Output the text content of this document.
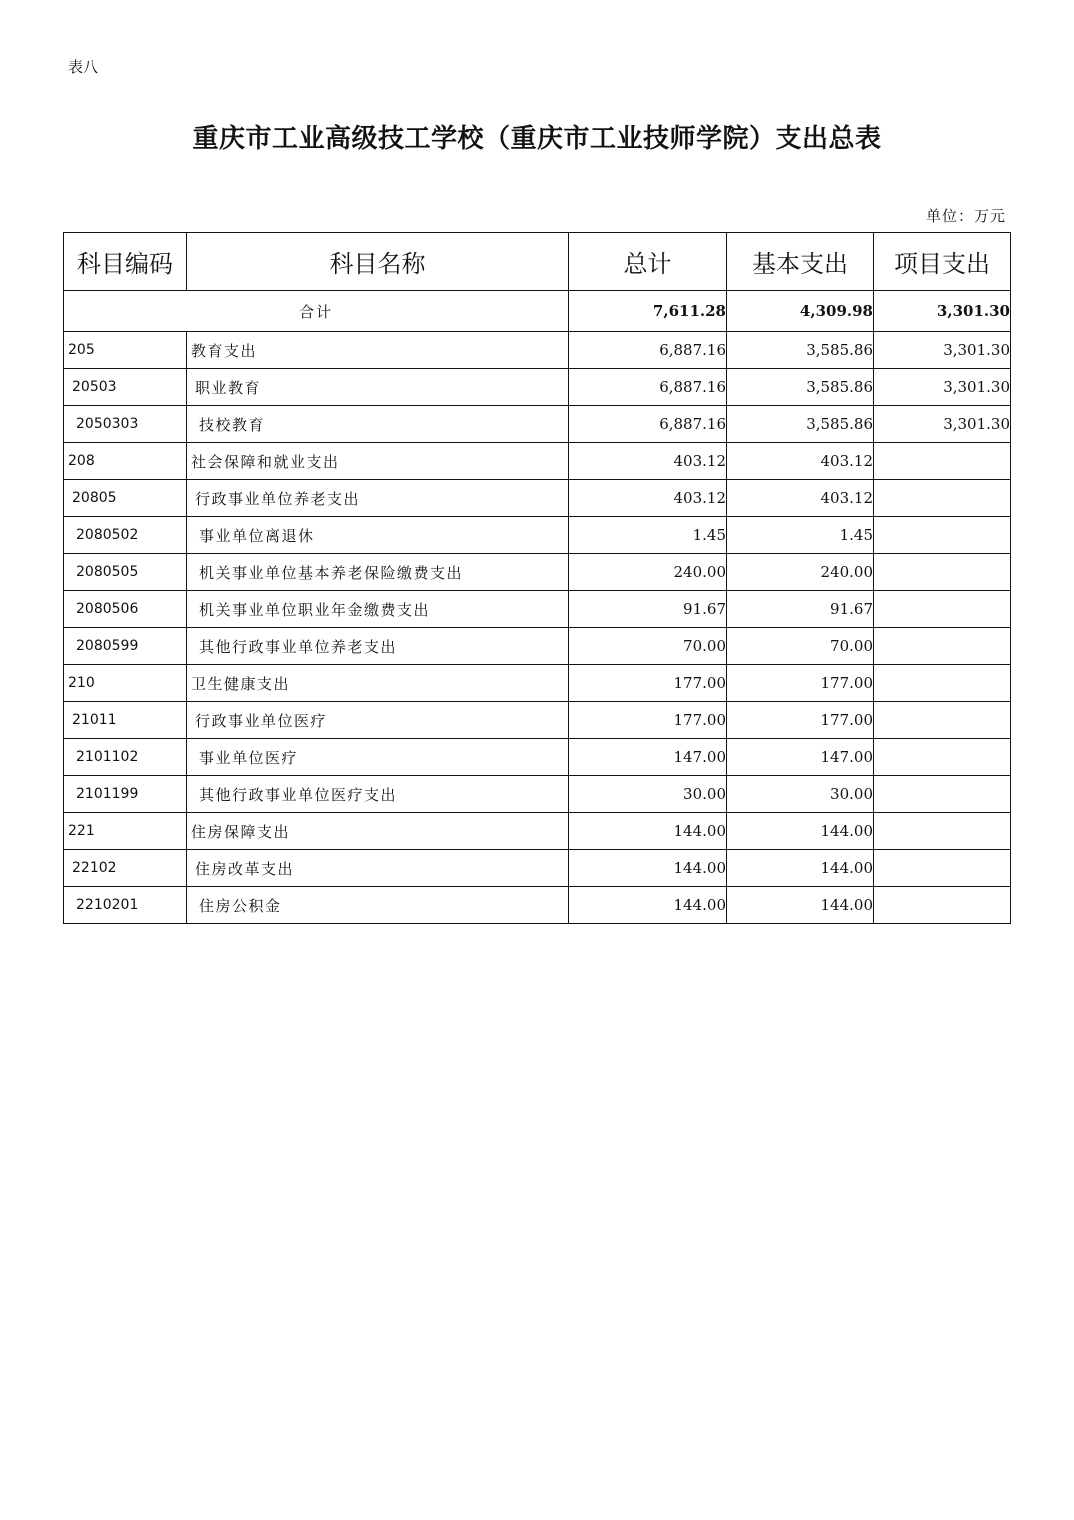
表八
重庆市工业高级技工学校（重庆市工业技师学院）支出总表
单位：万元
科目编码	科目名称	总计	基本支出	项目支出
合计		7,611.28	4,309.98	3,301.30
205	教育支出	6,887.16	3,585.86	3,301.30
20503	职业教育	6,887.16	3,585.86	3,301.30
2050303	技校教育	6,887.16	3,585.86	3,301.30
208	社会保障和就业支出	403.12	403.12	
20805	行政事业单位养老支出	403.12	403.12	
2080502	事业单位离退休	1.45	1.45	
2080505	机关事业单位基本养老保险缴费支出	240.00	240.00	
2080506	机关事业单位职业年金缴费支出	91.67	91.67	
2080599	其他行政事业单位养老支出	70.00	70.00	
210	卫生健康支出	177.00	177.00	
21011	行政事业单位医疗	177.00	177.00	
2101102	事业单位医疗	147.00	147.00	
2101199	其他行政事业单位医疗支出	30.00	30.00	
221	住房保障支出	144.00	144.00	
22102	住房改革支出	144.00	144.00	
2210201	住房公积金	144.00	144.00	
